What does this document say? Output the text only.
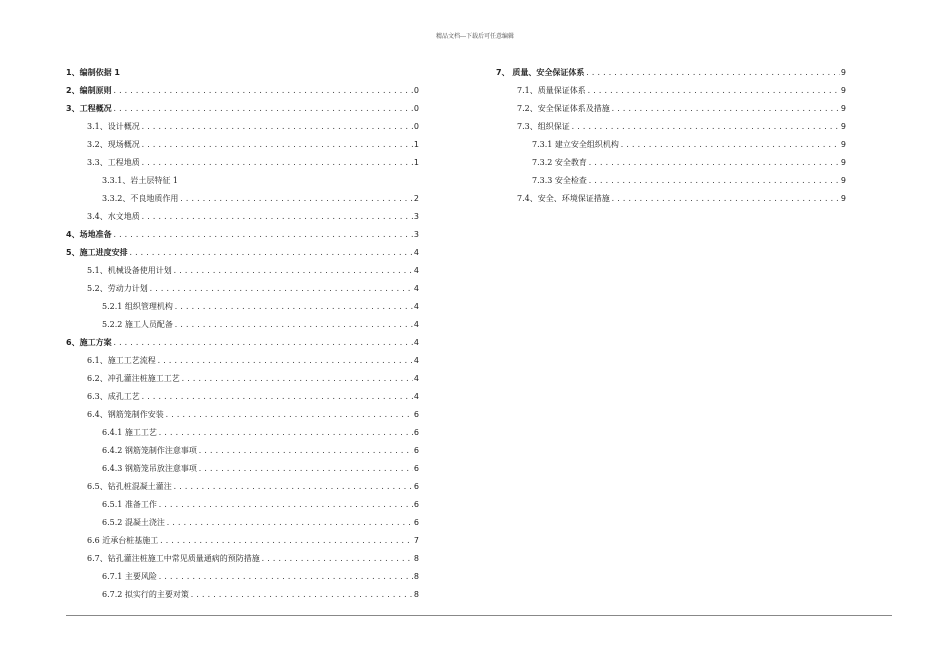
精品文档---下载后可任意编辑
1、编制依据 1
2、编制原则 .....	0
3、工程概况 .....	0
3.1、设计概况 .....	0
3.2、现场概况 .....	1
3.3、工程地质 .....	1
3.3.1、岩土层特征 1
3.3.2、不良地质作用 .....	2
3.4、水文地质 .....	3
4、场地准备 .....	3
5、施工进度安排 .....	4
5.1、机械设备使用计划 .....	4
5.2、劳动力计划 .....	4
5.2.1 组织管理机构 .....	4
5.2.2 施工人员配备 .....	4
6、施工方案 .....	4
6.1、施工工艺流程 .....	4
6.2、冲孔灌注桩施工工艺 .....	4
6.3、成孔工艺 .....	4
6.4、钢筋笼制作安装 .....	6
6.4.1 施工工艺 .....	6
6.4.2 钢筋笼制作注意事项 .....	6
6.4.3 钢筋笼吊放注意事项 .....	6
6.5、钻孔桩混凝土灌注 .....	6
6.5.1 准备工作 .....	6
6.5.2 混凝土浇注 .....	6
6.6 近承台桩基施工 .....	7
6.7、钻孔灌注桩施工中常见质量通病的预防措施 .....	8
6.7.1 主要风险 .....	8
6.7.2 拟实行的主要对策 .....	8
7、 质量、安全保证体系 .....	9
7.1、质量保证体系 .....	9
7.2、安全保证体系及措施 .....	9
7.3、组织保证 .....	9
7.3.1 建立安全组织机构 .....	9
7.3.2 安全教育 .....	9
7.3.3 安全检查 .....	9
7.4、安全、环境保证措施 .....	9
